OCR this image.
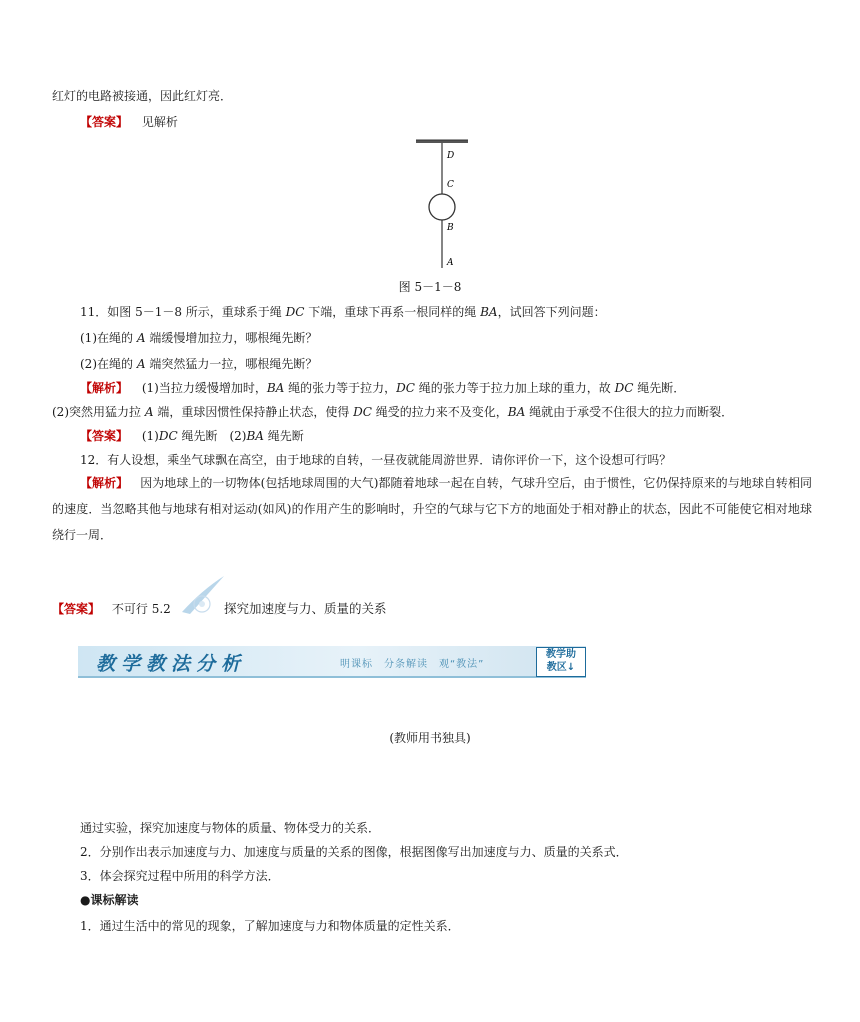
红灯的电路被接通，因此红灯亮．
【答案】 见解析
D
C
B
A
图 5－1－8
11．如图 5－1－8 所示，重球系于绳 DC 下端，重球下再系一根同样的绳 BA，试回答下列问题：
(1)在绳的 A 端缓慢增加拉力，哪根绳先断？
(2)在绳的 A 端突然猛力一拉，哪根绳先断？
【解析】 (1)当拉力缓慢增加时，BA 绳的张力等于拉力，DC 绳的张力等于拉力加上球的重力，故 DC 绳先断．
(2)突然用猛力拉 A 端，重球因惯性保持静止状态，使得 DC 绳受的拉力来不及变化，BA 绳就由于承受不住很大的拉力而断裂．
【答案】 (1)DC 绳先断　(2)BA 绳先断
12．有人设想，乘坐气球飘在高空，由于地球的自转，一昼夜就能周游世界．请你评价一下，这个设想可行吗？
【解析】 因为地球上的一切物体(包括地球周围的大气)都随着地球一起在自转，气球升空后，由于惯性，它仍保持原来的与地球自转相同的速度．当忽略其他与地球有相对运动(如风)的作用产生的影响时，升空的气球与它下方的地面处于相对静止的状态，因此不可能使它相对地球绕行一周．
【答案】 不可行 5.2	探究加速度与力、质量的关系
教学教法分析	明课标　分条解读　观“教法”
教学助
教区↓
(教师用书独具)
通过实验，探究加速度与物体的质量、物体受力的关系．
2．分别作出表示加速度与力、加速度与质量的关系的图像，根据图像写出加速度与力、质量的关系式．
3．体会探究过程中所用的科学方法．
●课标解读
1．通过生活中的常见的现象，了解加速度与力和物体质量的定性关系．
